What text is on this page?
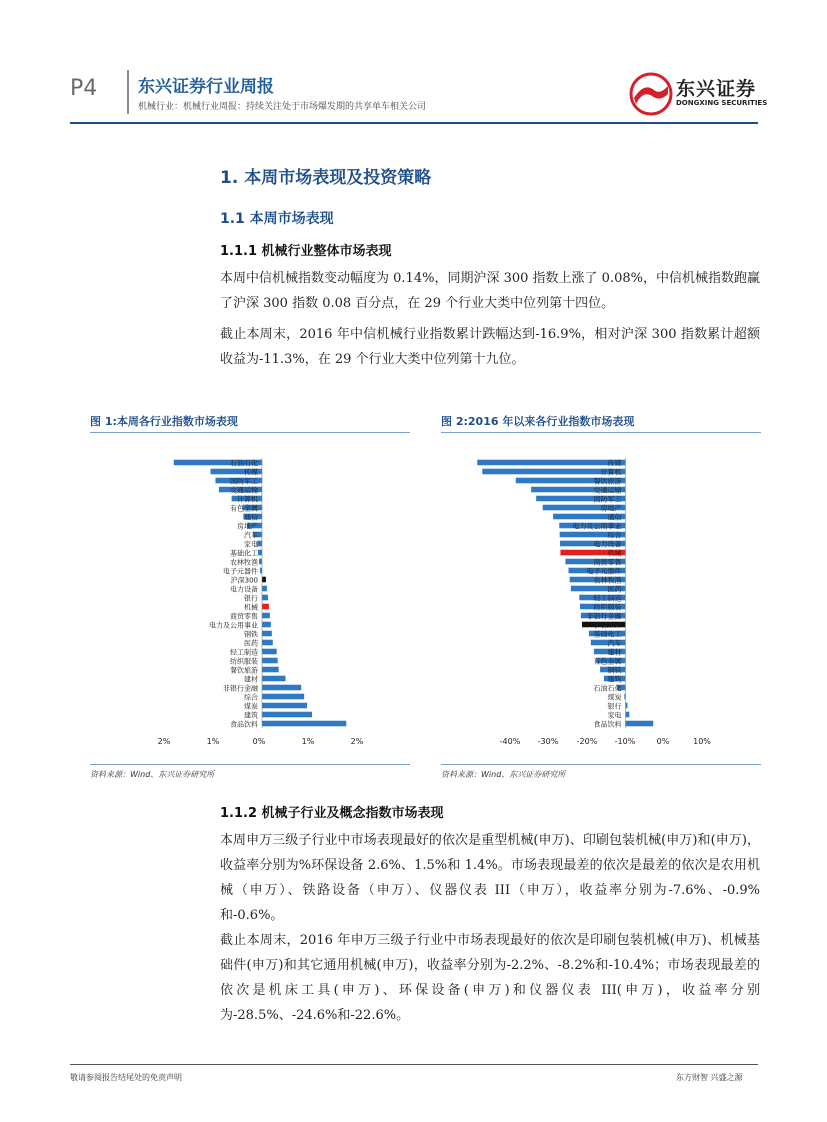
P4 东兴证券行业周报
机械行业：机械行业周报：持续关注处于市场爆发期的共享单车相关公司
东兴证券
DONGXING SECURITIES
1. 本周市场表现及投资策略
1.1 本周市场表现
1.1.1 机械行业整体市场表现
本周中信机械指数变动幅度为 0.14%，同期沪深 300 指数上涨了 0.08%，中信机械指数跑赢了沪深 300 指数 0.08 百分点，在 29 个行业大类中位列第十四位。
截止本周末，2016 年中信机械行业指数累计跌幅达到-16.9%，相对沪深 300 指数累计超额收益为-11.3%，在 29 个行业大类中位列第十九位。
图 1:本周各行业指数市场表现	图 2:2016 年以来各行业指数市场表现
石油石化
传媒
国防军工
交通运输
计算机
有色金属
通信
房地产
汽车
家电
基础化工
农林牧渔
电子元器件
沪深300
电力设备
银行
机械
商贸零售
电力及公用事业
钢铁
医药
轻工制造
纺织服装
餐饮旅游
建材
非银行金融
综合
煤炭
建筑
食品饮料
2%	1%	0%	1%	2%
传媒
计算机
餐饮旅游
交通运输
国防军工
房地产
通信
电力及公用事业
综合
电力设备
机械
商贸零售
电子元器件
农林牧渔
医药
轻工制造
纺织服装
非银行金融
沪深300
基础化工
汽车
建材
有色金属
钢铁
建筑
石油石化
煤炭
银行
家电
食品饮料
-40% -30% -20% -10%	0%	10%
资料来源：Wind、东兴证券研究所	资料来源：Wind、东兴证券研究所
1.1.2 机械子行业及概念指数市场表现
本周申万三级子行业中市场表现最好的依次是重型机械(申万)、印刷包装机械(申万)和(申万)，收益率分别为%环保设备 2.6%、1.5%和 1.4%。市场表现最差的依次是最差的依次是农用机械（申万）、铁路设备（申万）、仪器仪表 III（申万），收益率分别为-7.6%、-0.9%和-0.6%。
截止本周末，2016 年申万三级子行业中市场表现最好的依次是印刷包装机械(申万)、机械基础件(申万)和其它通用机械(申万)，收益率分别为-2.2%、-8.2%和-10.4%；市场表现最差的依次是机床工具(申万)、环保设备(申万)和仪器仪表 III(申万)，收益率分别为-28.5%、-24.6%和-22.6%。
敬请参阅报告结尾处的免责声明	东方财智 兴盛之源
